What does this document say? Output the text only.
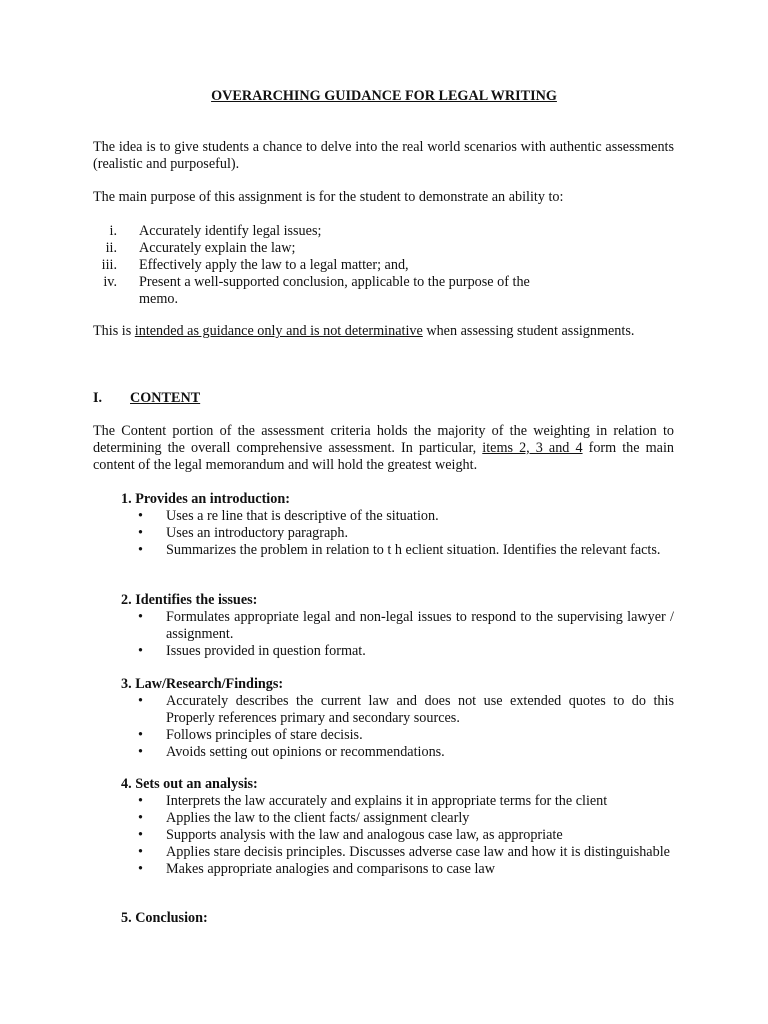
OVERARCHING GUIDANCE FOR LEGAL WRITING
The idea is to give students a chance to delve into the real world scenarios with authentic assessments (realistic and purposeful).
The main purpose of this assignment is for the student to demonstrate an ability to:
i. Accurately identify legal issues;
ii. Accurately explain the law;
iii. Effectively apply the law to a legal matter; and,
iv. Present a well-supported conclusion, applicable to the purpose of the memo.
This is intended as guidance only and is not determinative when assessing student assignments.
I. CONTENT
The Content portion of the assessment criteria holds the majority of the weighting in relation to determining the overall comprehensive assessment. In particular, items 2, 3 and 4 form the main content of the legal memorandum and will hold the greatest weight.
1. Provides an introduction:
• Uses a re line that is descriptive of the situation.
• Uses an introductory paragraph.
• Summarizes the problem in relation to t h eclient situation. Identifies the relevant facts.
2. Identifies the issues:
• Formulates appropriate legal and non-legal issues to respond to the supervising lawyer / assignment.
• Issues provided in question format.
3. Law/Research/Findings:
• Accurately describes the current law and does not use extended quotes to do this Properly references primary and secondary sources.
• Follows principles of stare decisis.
• Avoids setting out opinions or recommendations.
4. Sets out an analysis:
• Interprets the law accurately and explains it in appropriate terms for the client
• Applies the law to the client facts/ assignment clearly
• Supports analysis with the law and analogous case law, as appropriate
• Applies stare decisis principles. Discusses adverse case law and how it is distinguishable
• Makes appropriate analogies and comparisons to case law
5. Conclusion:
